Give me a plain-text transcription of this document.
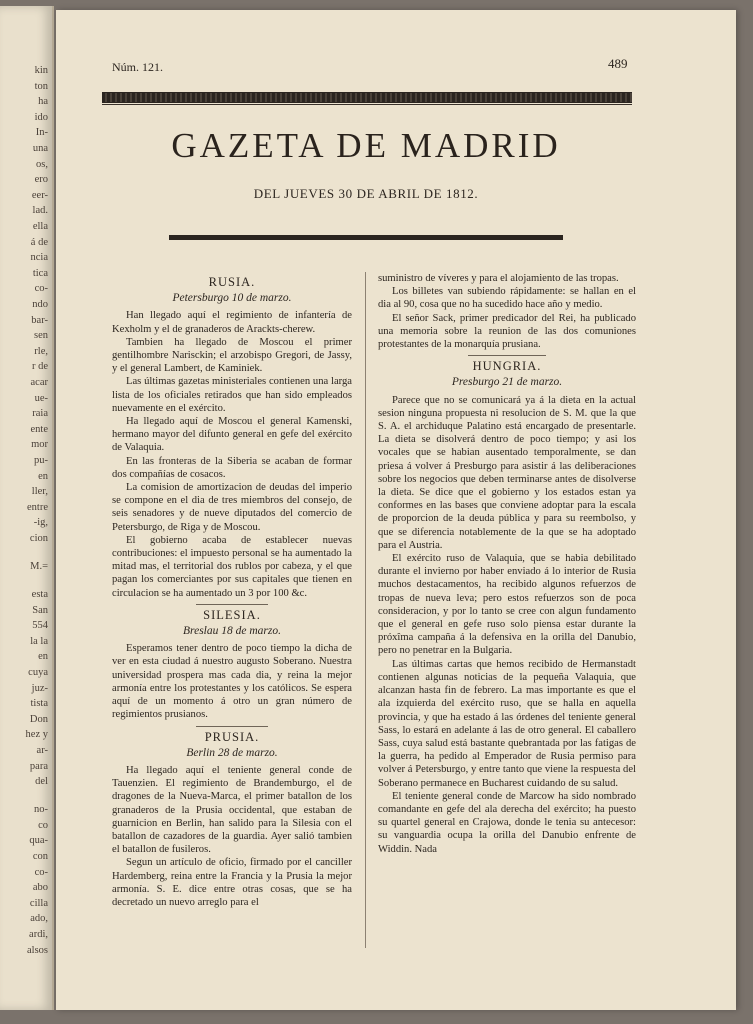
kin
ton
ha
ido
In-
una
os,
ero
eer-
lad.
ella
á de
ncia
tica
co-
ndo
bar-
sen
rle,
r de
acar
ue-
raia
ente
mor
pu-
en
ller,
entre
-ig,
cion
M.=
esta
San
554
la la
en
cuya
juz-
tista
Don
hez y
ar-
para
del
no-
co
qua-
con
co-
abo
cilla
ado,
ardi,
alsos
Núm. 121.	489
GAZETA DE MADRID
DEL JUEVES 30 DE ABRIL DE 1812.
RUSIA.
Petersburgo 10 de marzo.

Han llegado aquí el regimiento de infantería de Kexholm y el de granaderos de Arackts-cherew.

Tambien ha llegado de Moscou el primer gentilhombre Narisckin; el arzobispo Gregori, de Jassy, y el general Lambert, de Kaminiek.

Las últimas gazetas ministeriales contienen una larga lista de los oficiales retirados que han sido empleados nuevamente en el exército.

Ha llegado aquí de Moscou el general Kamenski, hermano mayor del difunto general en gefe del exército de Valaquia.

En las fronteras de la Siberia se acaban de formar dos compañías de cosacos.

La comision de amortizacion de deudas del imperio se compone en el dia de tres miembros del consejo, de seis senadores y de nueve diputados del comercio de Petersburgo, de Riga y de Moscou.

El gobierno acaba de establecer nuevas contribuciones: el impuesto personal se ha aumentado la mitad mas, el territorial dos rublos por cabeza, y el que pagan los comerciantes por sus capitales que tienen en circulacion se ha aumentado un 3 por 100 &c.

SILESIA.
Breslau 18 de marzo.

Esperamos tener dentro de poco tiempo la dicha de ver en esta ciudad á nuestro augusto Soberano. Nuestra universidad prospera mas cada dia, y reina la mejor armonía entre los protestantes y los católicos. Se espera aquí de un momento á otro un gran número de regimientos prusianos.

PRUSIA.
Berlin 28 de marzo.

Ha llegado aquí el teniente general conde de Tauenzien. El regimiento de Brandemburgo, el de dragones de la Nueva-Marca, el primer batallon de los granaderos de la Prusia occidental, que estaban de guarnicion en Berlin, han salido para la Silesia con el batallon de cazadores de la guardia. Ayer salió tambien el batallon de fusileros.

Segun un artículo de oficio, firmado por el canciller Hardemberg, reina entre la Francia y la Prusia la mejor armonía. S. E. dice entre otras cosas, que se ha decretado un nuevo arreglo para el

suministro de víveres y para el alojamiento de las tropas.

Los billetes van subiendo rápidamente: se hallan en el dia al 90, cosa que no ha sucedido hace año y medio.

El señor Sack, primer predicador del Rei, ha publicado una memoria sobre la reunion de las dos comuniones protestantes de la monarquía prusiana.

HUNGRIA.
Presburgo 21 de marzo.

Parece que no se comunicará ya á la dieta en la actual sesion ninguna propuesta ni resolucion de S. M. que la que S. A. el archiduque Palatino está encargado de presentarle. La dieta se disolverá dentro de poco tiempo; y asi los vocales que se habian ausentado temporalmente, se dan priesa á volver á Presburgo para asistir á las deliberaciones sobre los negocios que deben terminarse antes de disolverse la dieta. Se dice que el gobierno y los estados estan ya conformes en las bases que conviene adoptar para la escala de proporcion de la deuda pública y para su reembolso, y que se diferencia notablemente de la que se ha adoptado para el Austria.

El exército ruso de Valaquia, que se habia debilitado durante el invierno por haber enviado á lo interior de Rusia muchos destacamentos, ha recibido algunos refuerzos de tropas de nueva leva; pero estos refuerzos son de poca consideracion, y por lo tanto se cree con algun fundamento que el general en gefe ruso solo piensa estar durante la próxîma campaña á la defensiva en la orilla del Danubio, pero no penetrar en la Bulgaria.

Las últimas cartas que hemos recibido de Hermanstadt contienen algunas noticias de la pequeña Valaquia, que alcanzan hasta fin de febrero. La mas importante es que el ala izquierda del exército ruso, que se halla en aquella provincia, y que ha estado á las órdenes del teniente general Sass, lo estará en adelante á las de otro general. El caballero Sass, cuya salud está bastante quebrantada por las fatigas de la guerra, ha pedido al Emperador de Rusia permiso para volver á Petersburgo, y entre tanto que viene la respuesta del Soberano permanece en Bucharest cuidando de su salud.

El teniente general conde de Marcow ha sido nombrado comandante en gefe del ala derecha del exército; ha puesto su quartel general en Crajowa, donde le tenia su antecesor: su vanguardia ocupa la orilla del Danubio enfrente de Widdin. Nada
